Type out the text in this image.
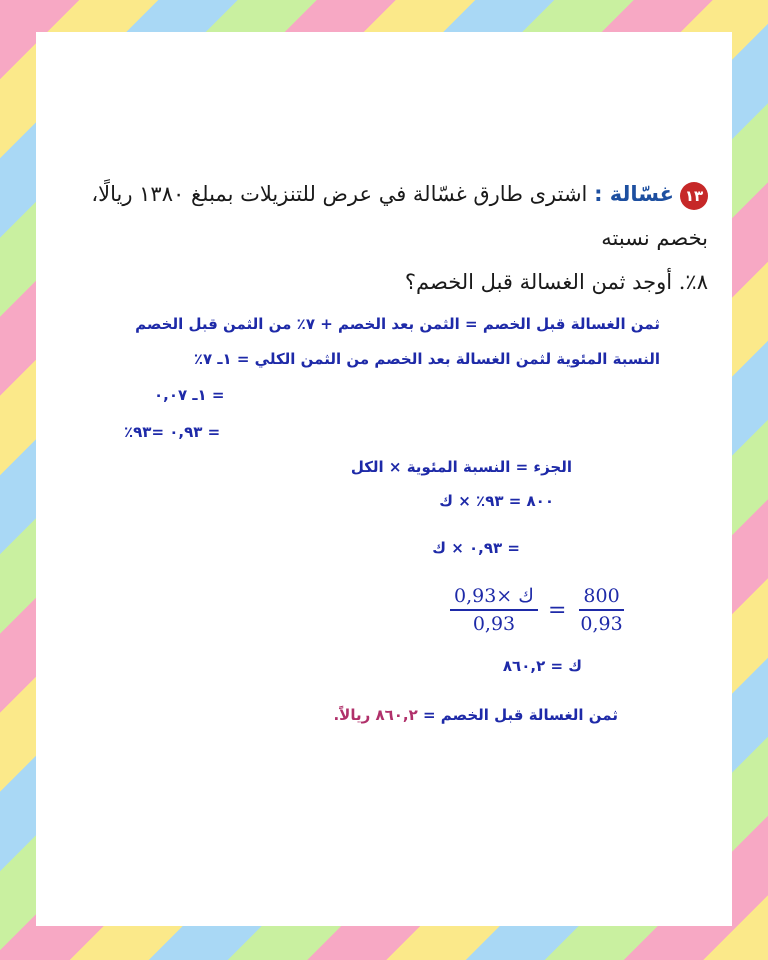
١٣غسّالة : اشترى طارق غسّالة في عرض للتنزيلات بمبلغ ١٣٨٠ ريالًا، بخصم نسبته
٨٪. أوجد ثمن الغسالة قبل الخصم؟
ثمن الغسالة قبل الخصم = الثمن بعد الخصم + ٧٪ من الثمن قبل الخصم
النسبة المئوية لثمن الغسالة بعد الخصم من الثمن الكلي = ١ـ ٧٪
= ١ـ ٠,٠٧
= ٠,٩٣ =٩٣٪
الجزء = النسبة المئوية × الكل
٨٠٠ = ٩٣٪ × ك
= ٠,٩٣ × ك
0,93× ك
0,93
= $\frac{800}{0,93}$
ك = ٨٦٠,٢
ثمن الغسالة قبل الخصم = ٨٦٠,٢ ريالاً.
